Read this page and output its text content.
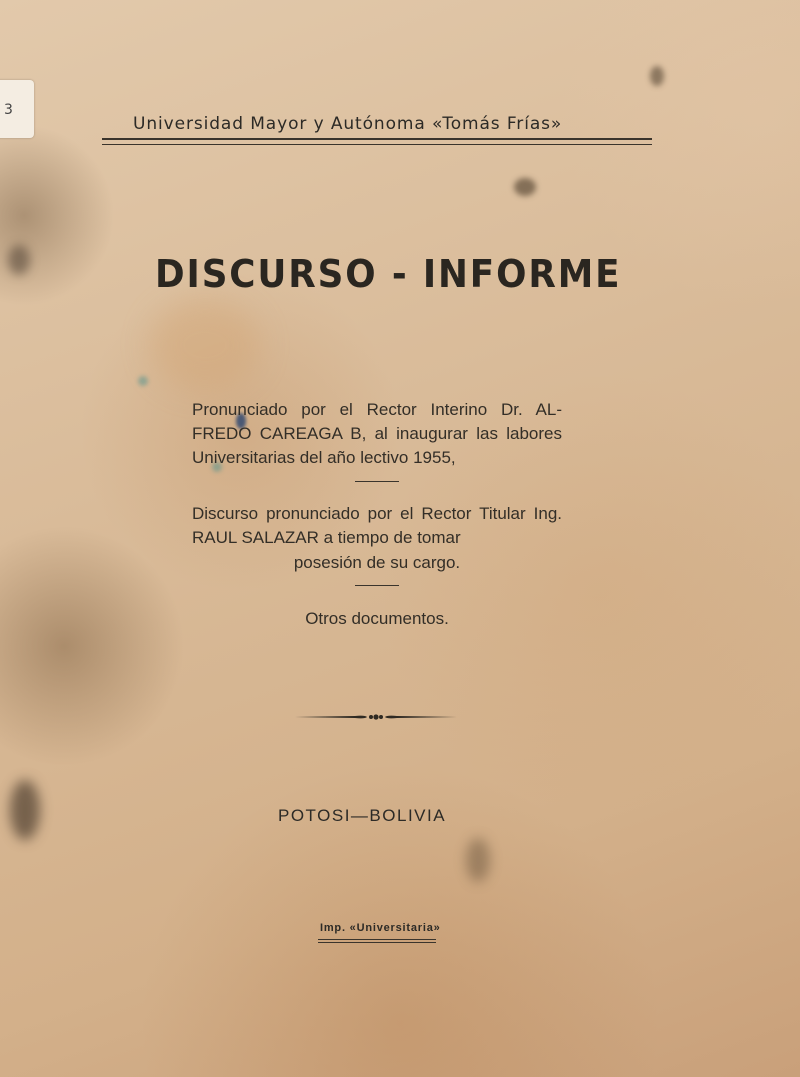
3
Universidad Mayor y Autónoma «Tomás Frías»
DISCURSO - INFORME
Pronunciado por el Rector Interino Dr. AL- FREDO CAREAGA B, al inaugurar las labores Universitarias del año lectivo 1955,
Discurso pronunciado por el Rector Titular Ing. RAUL SALAZAR a tiempo de tomar
posesión de su cargo.
Otros documentos.
POTOSI—BOLIVIA
Imp. «Universitaria»
